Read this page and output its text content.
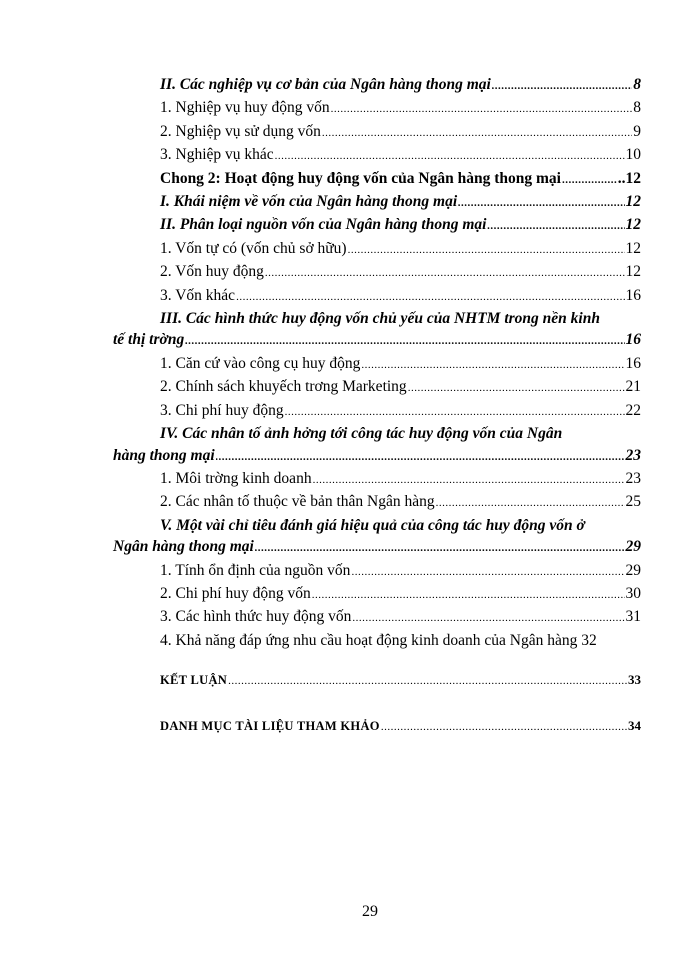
II. Các nghiệp vụ cơ bản của Ngân hàng thong mại .....	8
1. Nghiệp vụ huy động vốn .....	8
2. Nghiệp vụ sử dụng vốn .....	9
3. Nghiệp vụ khác .....	10
Chong 2: Hoạt động huy động vốn của Ngân hàng thong mại .....	..12
I. Khái niệm về vốn của Ngân hàng thong mại .....	12
II. Phân loại nguồn vốn của Ngân hàng thong mại .....	12
1. Vốn tự có (vốn chủ sở hữu) .....	12
2. Vốn huy động .....	12
3. Vốn khác .....	16
III. Các hình thức huy động vốn chủ yếu của NHTM trong nền kinh
tế thị trờng .....	16
1. Căn cứ vào công cụ huy động .....	16
2. Chính sách khuyếch trơng Marketing .....	21
3. Chi phí huy động .....	22
IV. Các nhân tố ảnh hởng tới công tác huy động vốn của Ngân
hàng thong mại .....	23
1. Môi trờng kinh doanh .....	23
2. Các nhân tố thuộc về bản thân Ngân hàng .....	25
V. Một vài chỉ tiêu đánh giá hiệu quả của công tác huy động vốn ở
Ngân hàng thong mại .....	29
1. Tính ổn định của nguồn vốn .....	29
2. Chi phí huy động vốn .....	30
3. Các hình thức huy động vốn .....	31
4. Khả năng đáp ứng nhu cầu hoạt động kinh doanh của Ngân hàng 32
KẾT LUẬN .....	33
DANH MỤC TÀI LIỆU THAM KHẢO .....	34
29
